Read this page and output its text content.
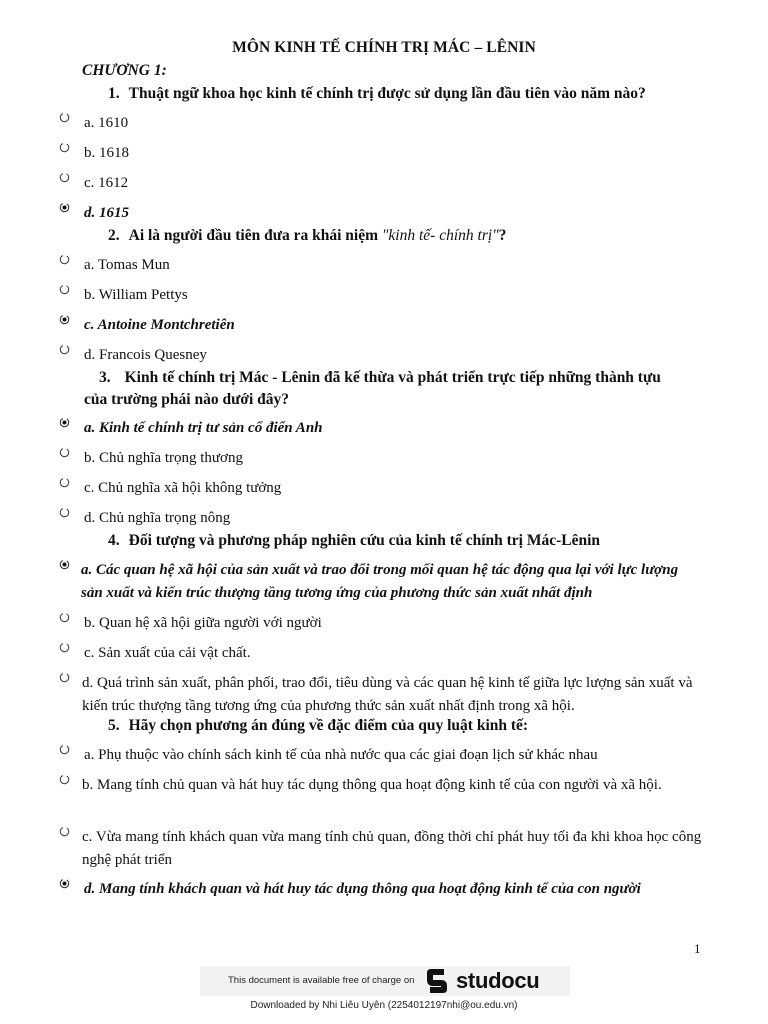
MÔN KINH TẾ CHÍNH TRỊ MÁC – LÊNIN
CHƯƠNG 1:
1. Thuật ngữ khoa học kinh tế chính trị được sử dụng lần đầu tiên vào năm nào?
a. 1610
b. 1618
c. 1612
d. 1615
2. Ai là người đầu tiên đưa ra khái niệm "kinh tế- chính trị"?
a. Tomas Mun
b. William Pettys
c. Antoine Montchretiên
d. Francois Quesney
3. Kinh tế chính trị Mác - Lênin đã kế thừa và phát triển trực tiếp những thành tựu
của trường phái nào dưới đây?
a. Kinh tế chính trị tư sản cổ điển Anh
b. Chủ nghĩa trọng thương
c. Chủ nghĩa xã hội không tưởng
d. Chủ nghĩa trọng nông
4. Đối tượng và phương pháp nghiên cứu của kinh tế chính trị Mác-Lênin
a. Các quan hệ xã hội của sản xuất và trao đổi trong mối quan hệ tác động qua lại với lực lượng sản xuất và kiến trúc thượng tầng tương ứng của phương thức sản xuất nhất định
b. Quan hệ xã hội giữa người với người
c. Sản xuất của cải vật chất.
d. Quá trình sản xuất, phân phối, trao đổi, tiêu dùng và các quan hệ kinh tế giữa lực lượng sản xuất và kiến trúc thượng tầng tương ứng của phương thức sản xuất nhất định trong xã hội.
5. Hãy chọn phương án đúng về đặc điểm của quy luật kinh tế:
a. Phụ thuộc vào chính sách kinh tế của nhà nước qua các giai đoạn lịch sử khác nhau
b. Mang tính chủ quan và hát huy tác dụng thông qua hoạt động kinh tế của con người và xã hội.
c. Vừa mang tính khách quan vừa mang tính chủ quan, đồng thời chỉ phát huy tối đa khi khoa học công nghệ phát triển
d. Mang tính khách quan và hát huy tác dụng thông qua hoạt động kinh tế của con người
1
This document is available free of charge on studocu
Downloaded by Nhi Liêu Uyên (2254012197nhi@ou.edu.vn)
